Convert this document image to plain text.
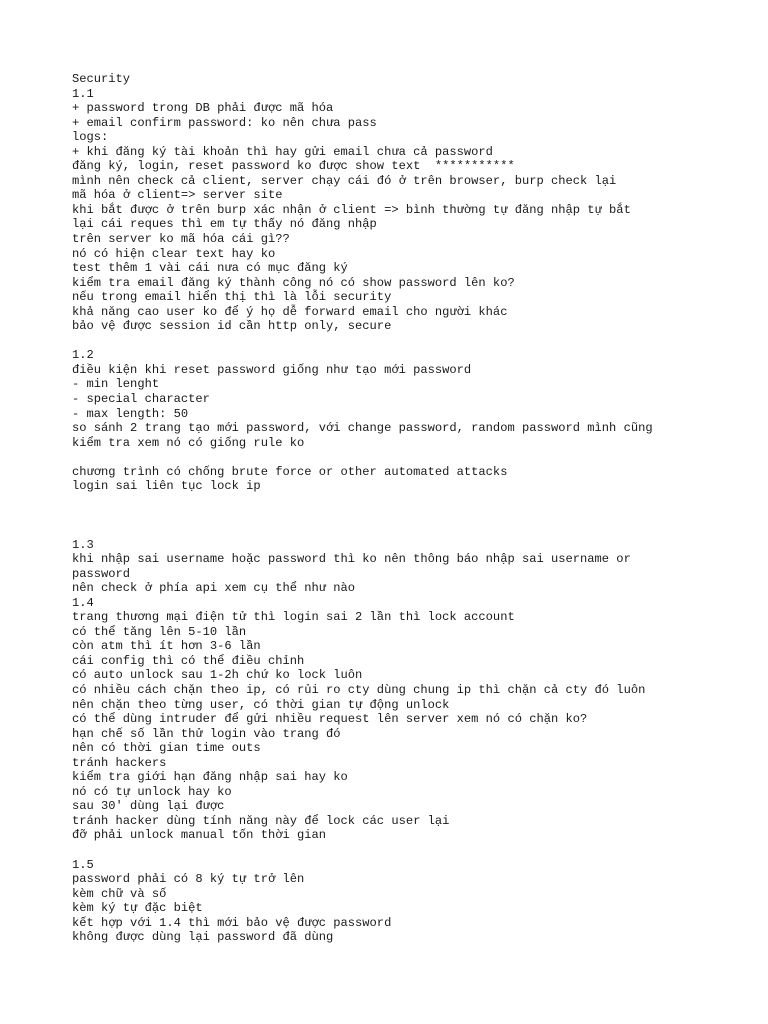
Security
1.1
+ password trong DB phải được mã hóa
+ email confirm password: ko nên chưa pass
logs:
+ khi đăng ký tài khoản thì hay gửi email chưa cả password
đăng ký, login, reset password ko được show text  ***********
mình nên check cả client, server chạy cái đó ở trên browser, burp check lại
mã hóa ở client=> server site
khi bắt được ở trên burp xác nhận ở client => bình thường tự đăng nhập tự bắt
lại cái reques thì em tự thấy nó đăng nhập
trên server ko mã hóa cái gì??
nó có hiện clear text hay ko
test thêm 1 vài cái nưa có mục đăng ký
kiểm tra email đăng ký thành công nó có show password lên ko?
nếu trong email hiển thị thì là lỗi security
khả năng cao user ko để ý họ dễ forward email cho người khác
bảo vệ được session id cần http only, secure
1.2
điều kiện khi reset password giống như tạo mới password
- min lenght
- special character
- max length: 50
so sánh 2 trang tạo mới password, với change password, random password mình cũng
kiểm tra xem nó có giống rule ko
chương trình có chống brute force or other automated attacks
login sai liên tục lock ip
1.3
khi nhập sai username hoặc password thì ko nên thông báo nhập sai username or
password
nên check ở phía api xem cụ thể như nào
1.4
trang thương mại điện tử thì login sai 2 lần thì lock account
có thể tăng lên 5-10 lần
còn atm thì ít hơn 3-6 lần
cái config thì có thể điều chỉnh
có auto unlock sau 1-2h chứ ko lock luôn
có nhiều cách chặn theo ip, có rủi ro cty dùng chung ip thì chặn cả cty đó luôn
nên chặn theo từng user, có thời gian tự động unlock
có thể dùng intruder để gửi nhiều request lên server xem nó có chặn ko?
hạn chế số lần thử login vào trang đó
nên có thời gian time outs
tránh hackers
kiểm tra giới hạn đăng nhập sai hay ko
nó có tự unlock hay ko
sau 30' dùng lại được
tránh hacker dùng tính năng này để lock các user lại
đỡ phải unlock manual tốn thời gian
1.5
password phải có 8 ký tự trở lên
kèm chữ và số
kèm ký tự đặc biệt
kết hợp với 1.4 thì mới bảo vệ được password
không được dùng lại password đã dùng
